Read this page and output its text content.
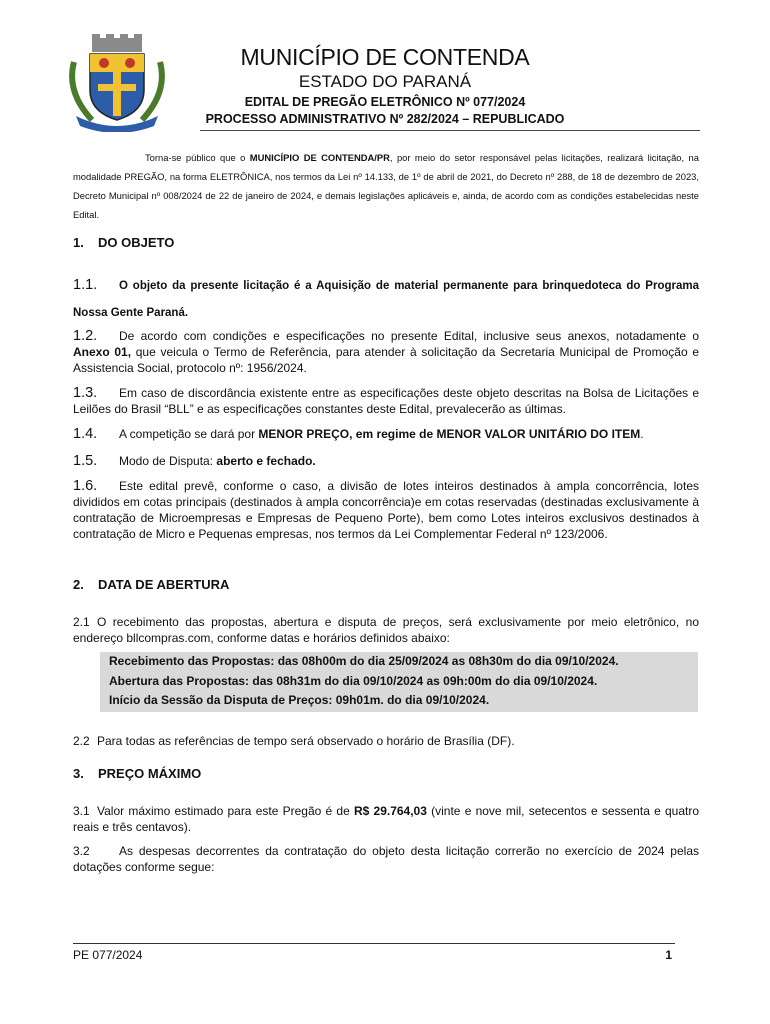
MUNICÍPIO DE CONTENDA
ESTADO DO PARANÁ
EDITAL DE PREGÃO ELETRÔNICO Nº 077/2024
PROCESSO ADMINISTRATIVO Nº 282/2024 – REPUBLICADO
Torna-se público que o MUNICÍPIO DE CONTENDA/PR, por meio do setor responsável pelas licitações, realizará licitação, na modalidade PREGÃO, na forma ELETRÔNICA, nos termos da Lei nº 14.133, de 1º de abril de 2021, do Decreto nº 288, de 18 de dezembro de 2023, Decreto Municipal nº 008/2024 de 22 de janeiro de 2024, e demais legislações aplicáveis e, ainda, de acordo com as condições estabelecidas neste Edital.
1. DO OBJETO
1.1. O objeto da presente licitação é a Aquisição de material permanente para brinquedoteca do Programa Nossa Gente Paraná.
1.2. De acordo com condições e especificações no presente Edital, inclusive seus anexos, notadamente o Anexo 01, que veicula o Termo de Referência, para atender à solicitação da Secretaria Municipal de Promoção e Assistencia Social, protocolo nº: 1956/2024.
1.3. Em caso de discordância existente entre as especificações deste objeto descritas na Bolsa de Licitações e Leilões do Brasil “BLL” e as especificações constantes deste Edital, prevalecerão as últimas.
1.4. A competição se dará por MENOR PREÇO, em regime de MENOR VALOR UNITÁRIO DO ITEM.
1.5. Modo de Disputa: aberto e fechado.
1.6. Este edital prevê, conforme o caso, a divisão de lotes inteiros destinados à ampla concorrência, lotes divididos em cotas principais (destinados à ampla concorrência)e em cotas reservadas (destinadas exclusivamente à contratação de Microempresas e Empresas de Pequeno Porte), bem como Lotes inteiros exclusivos destinados à contratação de Micro e Pequenas empresas, nos termos da Lei Complementar Federal nº 123/2006.
2. DATA DE ABERTURA
2.1 O recebimento das propostas, abertura e disputa de preços, será exclusivamente por meio eletrônico, no endereço bllcompras.com, conforme datas e horários definidos abaixo:
Recebimento das Propostas: das 08h00m do dia 25/09/2024 as 08h30m do dia 09/10/2024.
Abertura das Propostas: das 08h31m do dia 09/10/2024 as 09h:00m do dia 09/10/2024.
Início da Sessão da Disputa de Preços: 09h01m. do dia 09/10/2024.
2.2 Para todas as referências de tempo será observado o horário de Brasília (DF).
3. PREÇO MÁXIMO
3.1 Valor máximo estimado para este Pregão é de R$ 29.764,03 (vinte e nove mil, setecentos e sessenta e quatro reais e três centavos).
3.2 As despesas decorrentes da contratação do objeto desta licitação correrão no exercício de 2024 pelas dotações conforme segue:
PE 077/2024	1
